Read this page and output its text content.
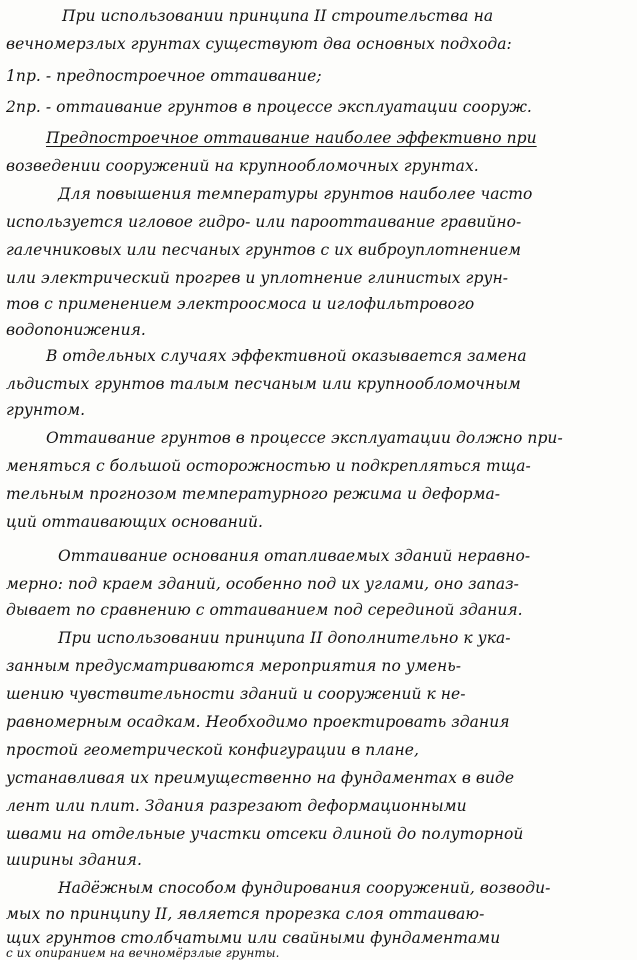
При использовании принципа II строительства на
вечномерзлых грунтах существуют два основных подхода:
1пр. - предпостроечное оттаивание;
2пр. - оттаивание грунтов в процессе эксплуатации сооруж.
Предпостроечное оттаивание наиболее эффективно при
возведении сооружений на крупнообломочных грунтах.
Для повышения температуры грунтов наиболее часто
используется игловое гидро- или парооттаивание гравийно-
галечниковых или песчаных грунтов с их виброуплотнением
или электрический прогрев и уплотнение глинистых грун-
тов с применением электроосмоса и иглофильтрового
водопонижения.
В отдельных случаях эффективной оказывается замена
льдистых грунтов талым песчаным или крупнообломочным
грунтом.
Оттаивание грунтов в процессе эксплуатации должно при-
меняться с большой осторожностью и подкрепляться тща-
тельным прогнозом температурного режима и деформа-
ций оттаивающих оснований.
Оттаивание основания отапливаемых зданий неравно-
мерно: под краем зданий, особенно под их углами, оно запаз-
дывает по сравнению с оттаиванием под серединой здания.
При использовании принципа II дополнительно к ука-
занным предусматриваются мероприятия по умень-
шению чувствительности зданий и сооружений к не-
равномерным осадкам. Необходимо проектировать здания
простой геометрической конфигурации в плане,
устанавливая их преимущественно на фундаментах в виде
лент или плит. Здания разрезают деформационными
швами на отдельные участки отсеки длиной до полуторной
ширины здания.
Надёжным способом фундирования сооружений, возводи-
мых по принципу II, является прорезка слоя оттаиваю-
щих грунтов столбчатыми или свайными фундаментами
с их опиранием на вечномёрзлые грунты.
